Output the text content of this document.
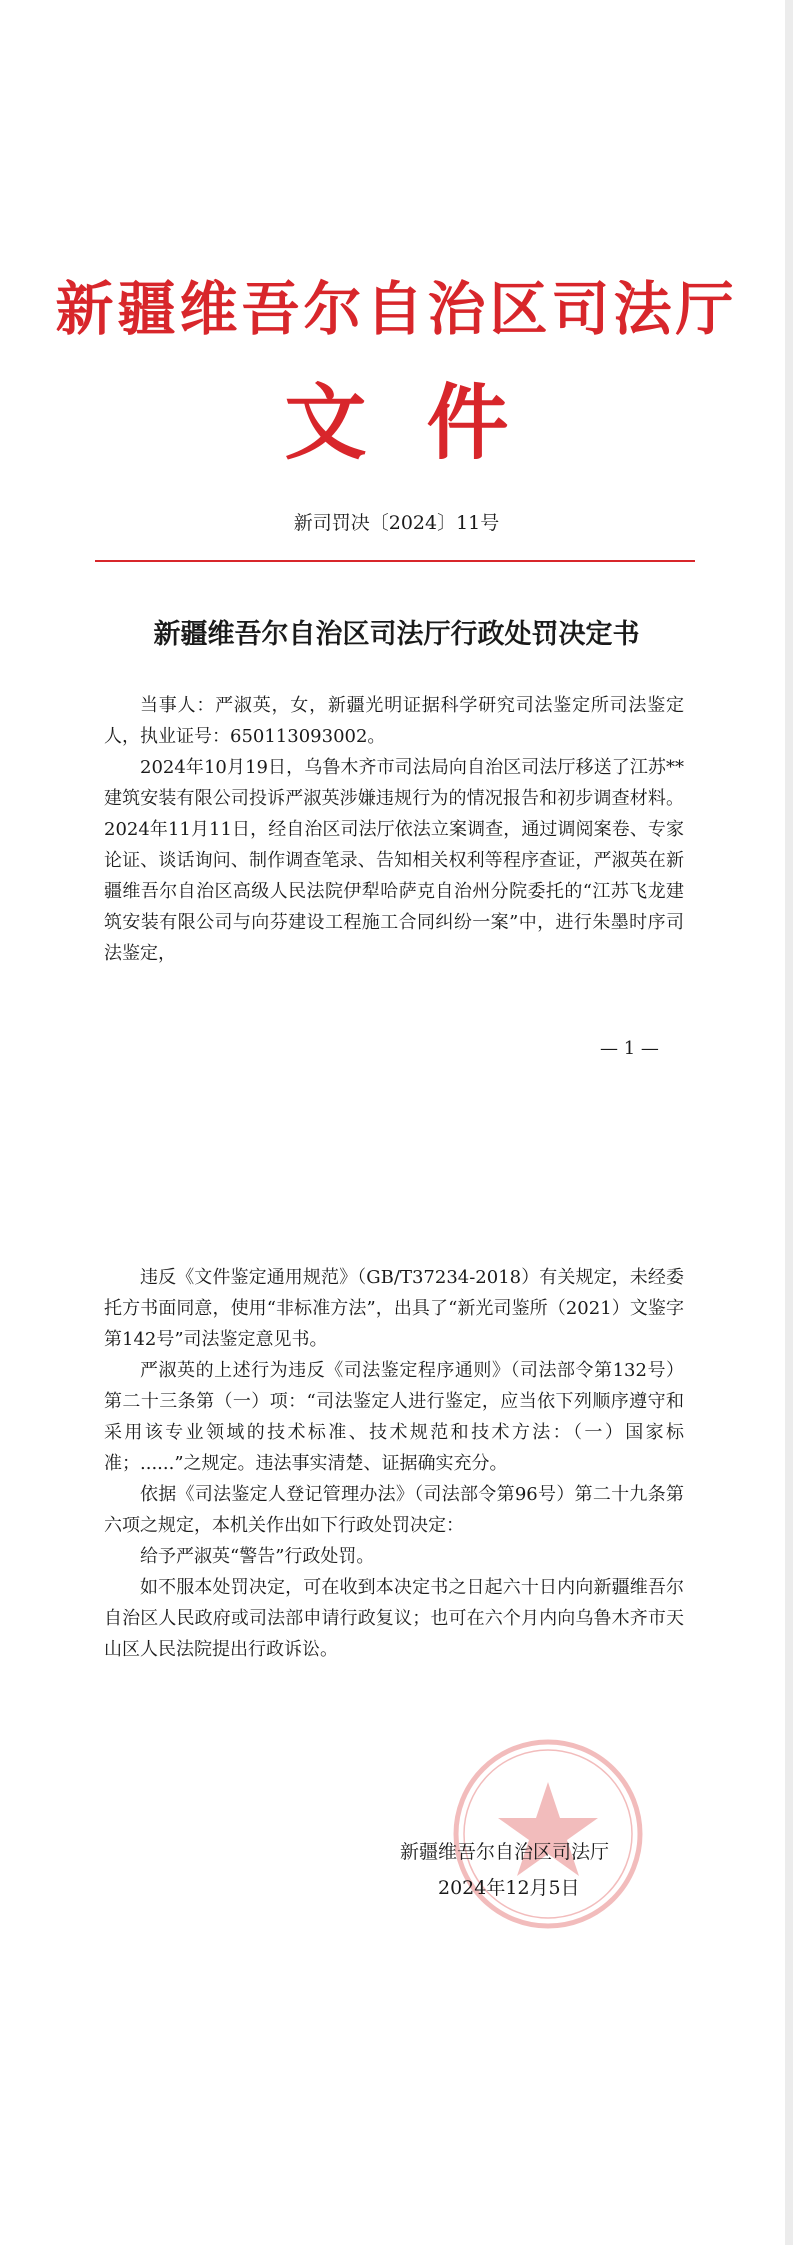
新疆维吾尔自治区司法厅
文件
新司罚决〔2024〕11号
新疆维吾尔自治区司法厅行政处罚决定书

当事人：严淑英，女，新疆光明证据科学研究司法鉴定所司法鉴定人，执业证号：650113093002。

2024年10月19日，乌鲁木齐市司法局向自治区司法厅移送了江苏**建筑安装有限公司投诉严淑英涉嫌违规行为的情况报告和初步调查材料。2024年11月11日，经自治区司法厅依法立案调查，通过调阅案卷、专家论证、谈话询问、制作调查笔录、告知相关权利等程序查证，严淑英在新疆维吾尔自治区高级人民法院伊犁哈萨克自治州分院委托的“江苏飞龙建筑安装有限公司与向芬建设工程施工合同纠纷一案”中，进行朱墨时序司法鉴定，

— 1 —

违反《文件鉴定通用规范》（GB/T37234-2018）有关规定，未经委托方书面同意，使用“非标准方法”，出具了“新光司鉴所（2021）文鉴字第142号”司法鉴定意见书。

严淑英的上述行为违反《司法鉴定程序通则》（司法部令第132号）第二十三条第（一）项：“司法鉴定人进行鉴定，应当依下列顺序遵守和采用该专业领域的技术标准、技术规范和技术方法：（一）国家标准；......”之规定。违法事实清楚、证据确实充分。

依据《司法鉴定人登记管理办法》（司法部令第96号）第二十九条第六项之规定，本机关作出如下行政处罚决定：

给予严淑英“警告”行政处罚。

如不服本处罚决定，可在收到本决定书之日起六十日内向新疆维吾尔自治区人民政府或司法部申请行政复议；也可在六个月内向乌鲁木齐市天山区人民法院提出行政诉讼。

新疆维吾尔自治区司法厅
2024年12月5日
